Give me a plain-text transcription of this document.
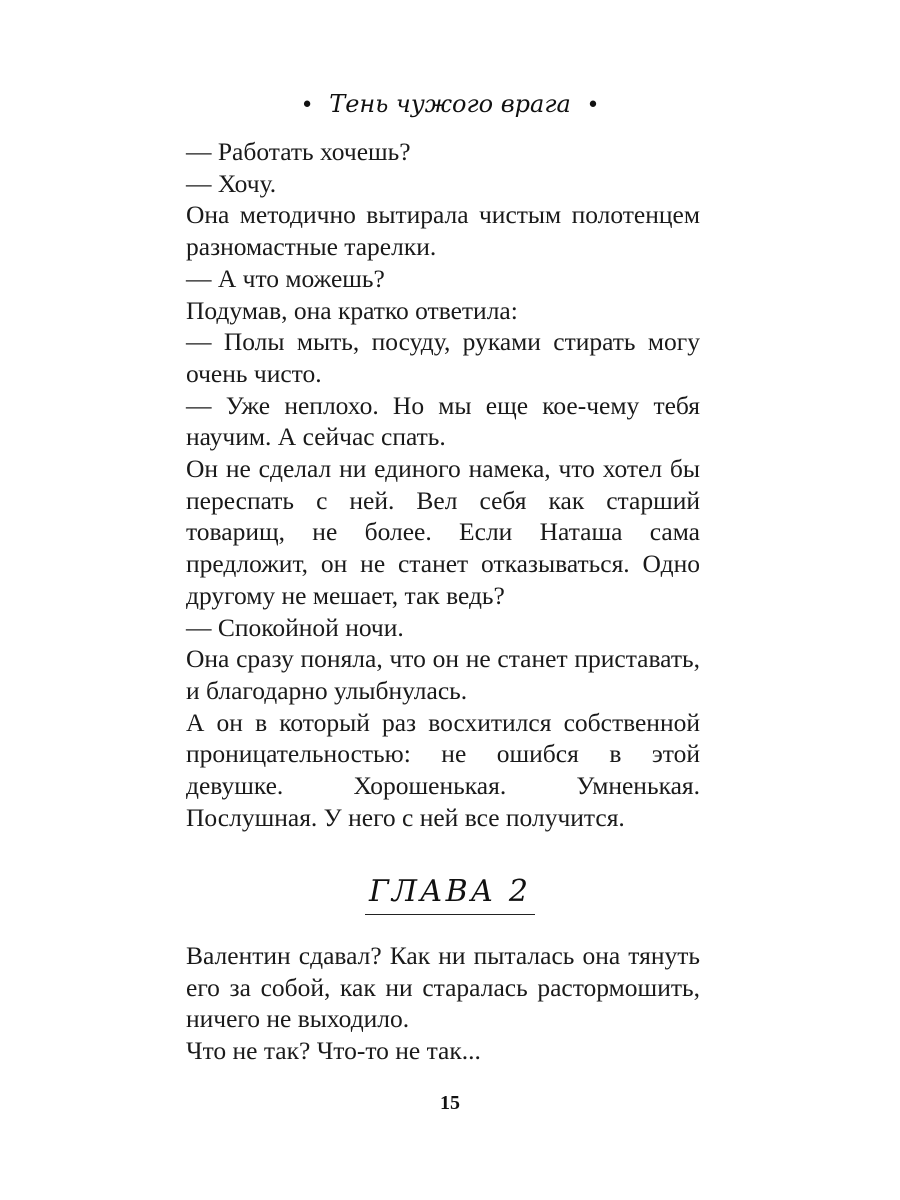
• Тень чужого врага •

— Работать хочешь?

— Хочу.

Она методично вытирала чистым полотенцем разномастные тарелки.

— А что можешь?

Подумав, она кратко ответила:

— Полы мыть, посуду, руками стирать могу очень чисто.

— Уже неплохо. Но мы еще кое-чему тебя научим. А сейчас спать.

Он не сделал ни единого намека, что хотел бы переспать с ней. Вел себя как старший товарищ, не более. Если Наташа сама предложит, он не станет отказываться. Одно другому не мешает, так ведь?

— Спокойной ночи.

Она сразу поняла, что он не станет приставать, и благодарно улыбнулась.

А он в который раз восхитился собственной проницательностью: не ошибся в этой девушке. Хорошенькая. Умненькая. Послушная. У него с ней все получится.

ГЛАВА 2

Валентин сдавал? Как ни пыталась она тянуть его за собой, как ни старалась растормошить, ничего не выходило.

Что не так? Что-то не так...

15
